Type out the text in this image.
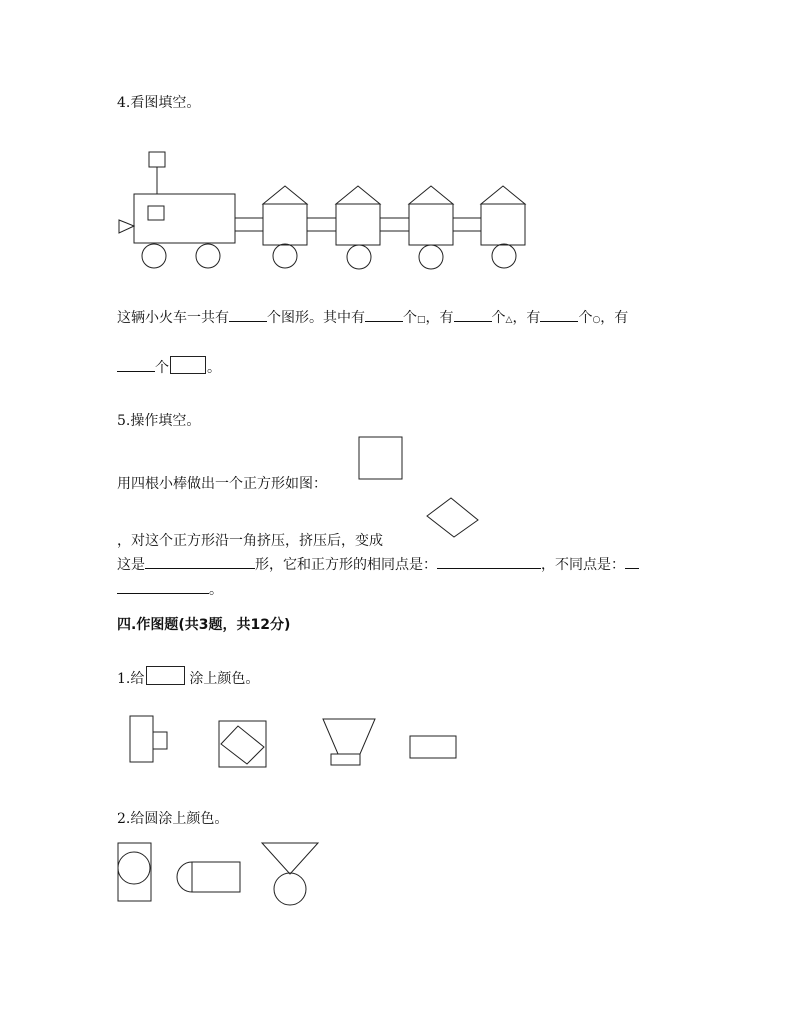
4.看图填空。
这辆小火车一共有	个图形。其中有	个□，有	个△，有	个○，有
个	。
5.操作填空。
用四根小棒做出一个正方形如图：
，对这个正方形沿一角挤压，挤压后，变成
这是	形，它和正方形的相同点是：	，不同点是：
。
四.作图题(共3题，共12分)
1.给	涂上颜色。
2.给圆涂上颜色。
